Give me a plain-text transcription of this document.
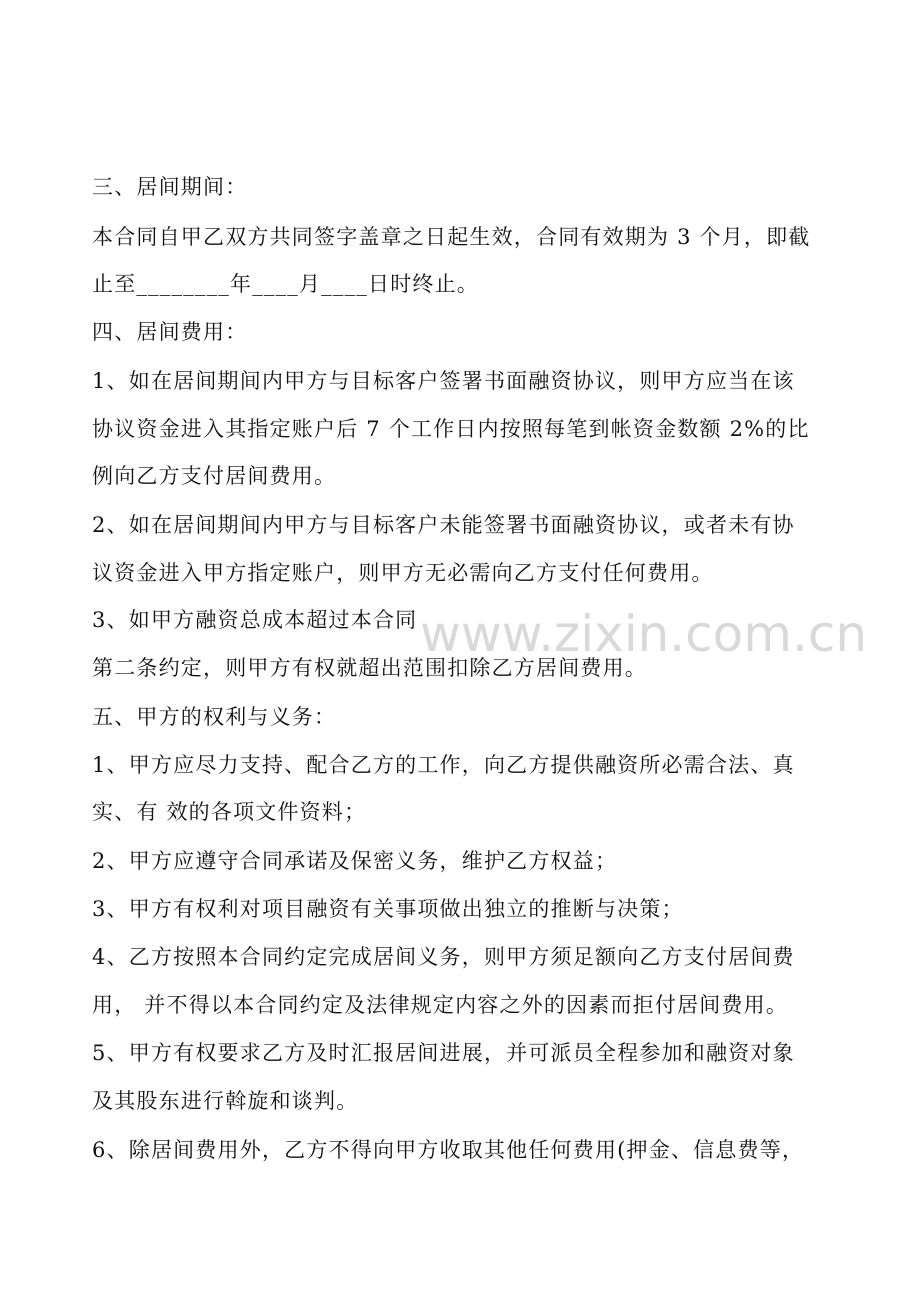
www.zixin.com.cn
三、居间期间：
本合同自甲乙双方共同签字盖章之日起生效，合同有效期为 3 个月，即截
止至________年____月____日时终止。
四、居间费用：
1、如在居间期间内甲方与目标客户签署书面融资协议，则甲方应当在该
协议资金进入其指定账户后 7 个工作日内按照每笔到帐资金数额 2%的比
例向乙方支付居间费用。
2、如在居间期间内甲方与目标客户未能签署书面融资协议，或者未有协
议资金进入甲方指定账户，则甲方无必需向乙方支付任何费用。
3、如甲方融资总成本超过本合同
第二条约定，则甲方有权就超出范围扣除乙方居间费用。
五、甲方的权利与义务：
1、甲方应尽力支持、配合乙方的工作，向乙方提供融资所必需合法、真
实、有 效的各项文件资料；
2、甲方应遵守合同承诺及保密义务，维护乙方权益；
3、甲方有权利对项目融资有关事项做出独立的推断与决策；
4、乙方按照本合同约定完成居间义务，则甲方须足额向乙方支付居间费
用， 并不得以本合同约定及法律规定内容之外的因素而拒付居间费用。
5、甲方有权要求乙方及时汇报居间进展，并可派员全程参加和融资对象
及其股东进行斡旋和谈判。
6、除居间费用外，乙方不得向甲方收取其他任何费用(押金、信息费等，
